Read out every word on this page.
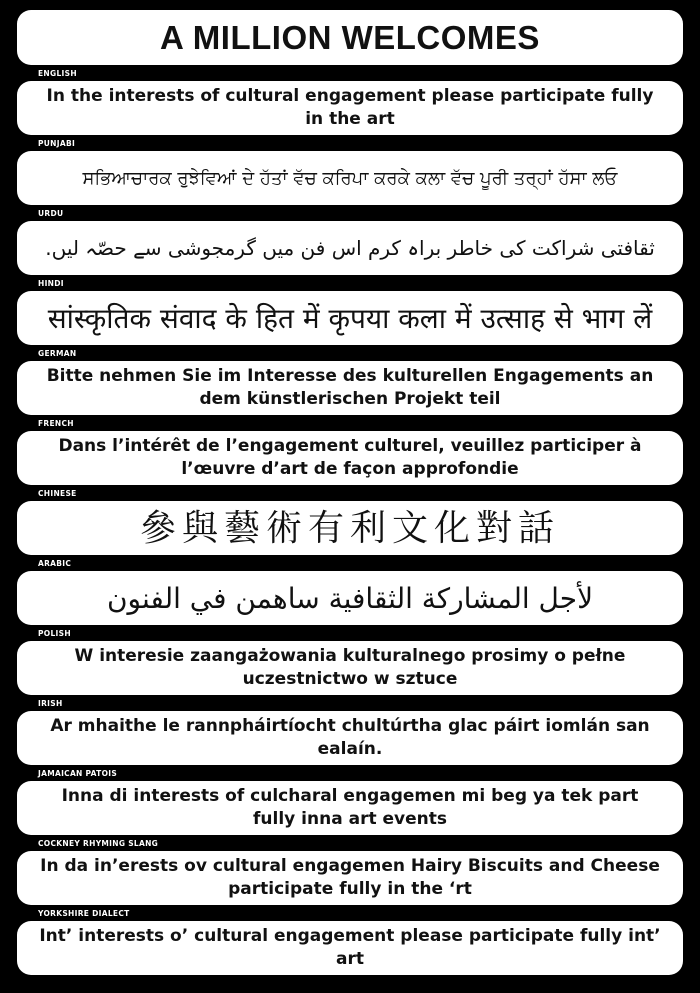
A MILLION WELCOMES
ENGLISH
In the interests of cultural engagement please participate fully in the art
PUNJABI
ਸਭਿਆਚਾਰਕ ਰੁਝੇਵਿਆਂ ਦੇ ਹੱਤਾਂ ਵੱਚ ਕਰਿਪਾ ਕਰਕੇ ਕਲਾ ਵੱਚ ਪੂਰੀ ਤਰ੍ਹਾਂ ਹੱਸਾ ਲਓ
URDU
ثقافتی شراکت کی خاطر براہ کرم اس فن میں گرمجوشی سے حصّہ لیں.
HINDI
सांस्कृतिक संवाद के हित में कृपया कला में उत्साह से भाग लें
GERMAN
Bitte nehmen Sie im Interesse des kulturellen Engagements an dem künstlerischen Projekt teil
FRENCH
Dans l’intérêt de l’engagement culturel, veuillez participer à l’œuvre d’art de façon approfondie
CHINESE
參與藝術有利文化對話
ARABIC
لأجل المشاركة الثقافية ساهمن في الفنون
POLISH
W interesie zaangażowania kulturalnego prosimy o pełne uczestnictwo w sztuce
IRISH
Ar mhaithe le rannpháirtíocht chultúrtha glac páirt iomlán san ealaín.
JAMAICAN PATOIS
Inna di interests of culcharal engagemen mi beg ya tek part fully inna art events
COCKNEY RHYMING SLANG
In da in’erests ov cultural engagemen Hairy Biscuits and Cheese participate fully in the ‘rt
YORKSHIRE DIALECT
Int’ interests o’ cultural engagement please participate fully int’ art
